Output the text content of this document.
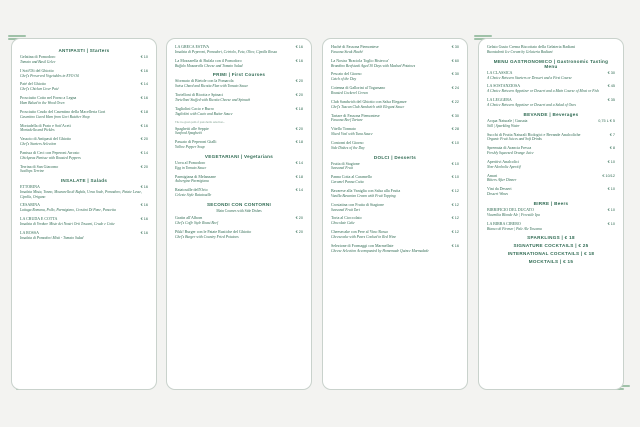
ANTIPASTI | Starters
Gelatina di Pomodoro	€ 10
Tomato and Basil Gelee
I Sott'Oli del Ghiotto	€ 16
Chef's Preserved Vegetables in EVO Oil
Paté del Ghiotto	€ 14
Chef's Chicken Liver Paté
Prosciutto Cotto nel Forno a Legna	€ 16
Ham Baked in the Wood Oven
Prosciutto Crudo del Casentino della Macelleria Gori	€ 18
Casentino Cured Ham from Gori Butcher Shop
Mortadella di Prato e Sott'Aceti	€ 16
Mortadella and Pickles
Vassoio di Antipasti del Ghiotto	€ 20
Chef's Starters Selection
Panissa di Ceci con Peperoni Arrosto	€ 14
Chickpeas Panisse with Roasted Peppers
Terrina di San Giacomo	€ 20
Scallops Terrine
INSALATE | Salads
ETTORINA	€ 16
Insalata Mista, Tonno, Mozzarella di Bufala, Uova Sode, Pomodoro, Patate Lesse, Cipolla, Origano
CESARINA	€ 16
Lattuga Romana, Pollo, Parmigiano, Crostini Di Pane, Pancetta
LA CRUDA E COTTA	€ 16
Insalata di Verdure Miste dei Nostri Orti Toscani, Crude e Cotte
LA ROSSA	€ 16
Insalata di Pomodori Misti - Tomato Salad
LA GRECA ESTIVA	€ 16
Insalata di Peperoni, Pomodori, Cetriolo, Feta, Olive, Cipolla Rossa
La Mozzarella di Bufala con il Pomodoro	€ 16
Buffalo Mozzarella Cheese and Tomato Salad
PRIMI | First Courses
Sformato di Bietole con la Pomarola	€ 20
Swiss Chard and Ricotta Flan with Tomato Sauce
Tortelloni di Ricotta e Spinaci	€ 20
Tortelloni Stuffed with Ricotta Cheese and Spinach
Tagliolini Cacio e Burro	€ 18
Tagliolini with Cacio and Butter Sauce
The ice-green path of pasta herbs selection...
Spaghetti alle Seppie	€ 20
Seafood Spaghetti
Passato di Peperoni Gialli	€ 18
Yellow Pepper Soup
VEGETARIANI | Vegetarians
Uova al Pomodoro	€ 14
Egg in Tomato Sauce
Parmigiana di Melanzane	€ 18
Aubergine Parmigiana
Ratatouille dell'Orto	€ 14
Celeste Style Ratatouille
SECONDI CON CONTORNI
Main Courses with Side Dishes
Gratin all'Alborn	€ 20
Chef's Coffe Style Roast Beef
Pikk! Burger con le Patate Rustiche del Ghiotto	€ 20
Chef's Burger with Country Fried Potatoes
Hachè di Fassona Piemontese	€ 30
Fassona Steak Haché
La Nostra 'Braciola Toglio Bistecca'	€ 60
Brandino Beefsteak Aged 30 Days with Mashed Potatoes
Pescato del Giorno	€ 30
Catch of the Day
Cotenna di Gallorini al Togarsano	€ 24
Roasted Cockerel Crown
Club Sandwich del Ghiotto con Salsa Eleganze	€ 22
Chef's Tuscan Club Sandwich with Elegant Sauce
Tartare di Fassona Piemontese	€ 30
Fassona Beef Tartare
Vitello Tonnato	€ 28
Sliced Veal with Tuna Sauce
Contorni del Giorno	€ 10
Side Dishes of the Day
DOLCI | Desserts
Frutta di Stagione	€ 10
Seasonal Fruit
Panna Cotta al Caramello	€ 10
Caramel Panna Cotta
Bavarese alla Vaniglia con Salsa alla Frutta	€ 12
Vanilla Bavarian Cream with Fruit Topping
Crostatina con Frutta di Stagione	€ 12
Seasonal Fruit Tart
Torta al Cioccolato	€ 12
Chocolate Cake
Cheesecake con Pere al Vino Rosso	€ 12
Cheesecake with Pears Cooked in Red Wine
Selezione di Formaggi con Marmellate	€ 16
Cheese Selection Accompanied by Homemade Quince Marmalade
Gelato Gusto Crema Biscottato della Gelateria Badiani
Buontalenti Ice Cream by Gelateria Badiani
MENU GASTRONOMICO | Gastronomic Tasting Menu
LA CLASSICA	€ 30
A Choice Between Starters or Dessert and a First Course
LA SOSTANZIOSA	€ 45
A Choice Between Appetizer or Dessert and a Main Course of Meat or Fish
LA LEGGERA	€ 35
A Choice Between Appetizer or Dessert and a Salad of Ours
BEVANDE | Beverages
Acqua Naturale | Gassata	0,75 L € 5
Still | Sparkling Water
Succhi di Frutta Naturali Biologici e Bevande Analcoliche	€ 7
Organic Fruit Juices and Soft Drinks
Spremuta di Arancia Fresca	€ 8
Freshly Squeezed Orange Juice
Aperitivi Analcolici	€ 10
Non-Alcoholic Aperitif
Amari	€ 10/12
Bitters After Dinner
Vini da Dessert	€ 10
Dessert Wines
BIRRE | Beers
BIRRIFICIO DEL DUCATO	€ 10
Viaemilia Blonde Ale | Freestile Ipa
LA BIRRA CIBERO	€ 10
Bianco di Firenze | Pale Ale Toscana
SPARKLINGS | € 18
SIGNATURE COCKTAILS | € 25
INTERNATIONAL COCKTAILS | € 18
MOCKTAILS | € 15
